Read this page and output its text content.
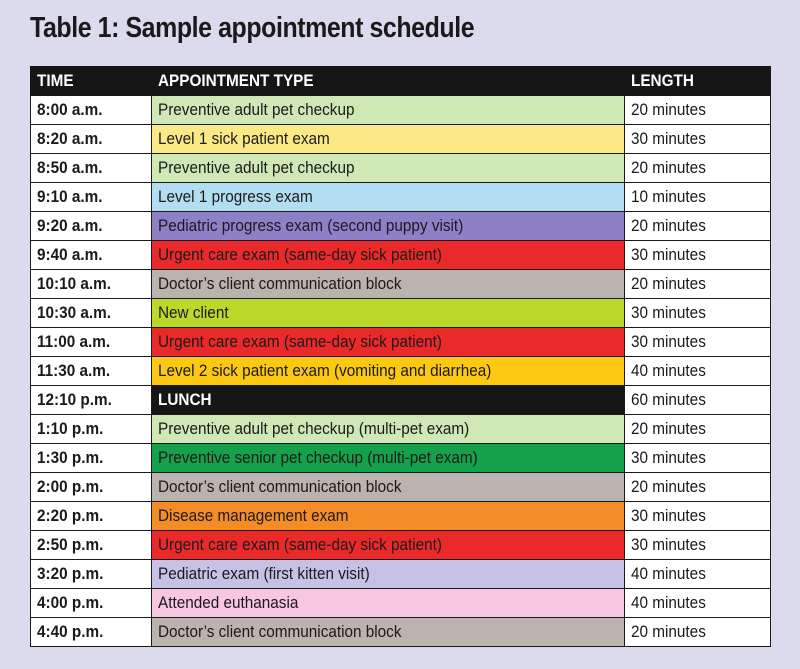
Table 1: Sample appointment schedule
TIME	APPOINTMENT TYPE	LENGTH
8:00 a.m.	Preventive adult pet checkup	20 minutes
8:20 a.m.	Level 1 sick patient exam	30 minutes
8:50 a.m.	Preventive adult pet checkup	20 minutes
9:10 a.m.	Level 1 progress exam	10 minutes
9:20 a.m.	Pediatric progress exam (second puppy visit)	20 minutes
9:40 a.m.	Urgent care exam (same-day sick patient)	30 minutes
10:10 a.m.	Doctor’s client communication block	20 minutes
10:30 a.m.	New client	30 minutes
11:00 a.m.	Urgent care exam (same-day sick patient)	30 minutes
11:30 a.m.	Level 2 sick patient exam (vomiting and diarrhea)	40 minutes
12:10 p.m.	LUNCH	60 minutes
1:10 p.m.	Preventive adult pet checkup (multi-pet exam)	20 minutes
1:30 p.m.	Preventive senior pet checkup (multi-pet exam)	30 minutes
2:00 p.m.	Doctor’s client communication block	20 minutes
2:20 p.m.	Disease management exam	30 minutes
2:50 p.m.	Urgent care exam (same-day sick patient)	30 minutes
3:20 p.m.	Pediatric exam (first kitten visit)	40 minutes
4:00 p.m.	Attended euthanasia	40 minutes
4:40 p.m.	Doctor’s client communication block	20 minutes
